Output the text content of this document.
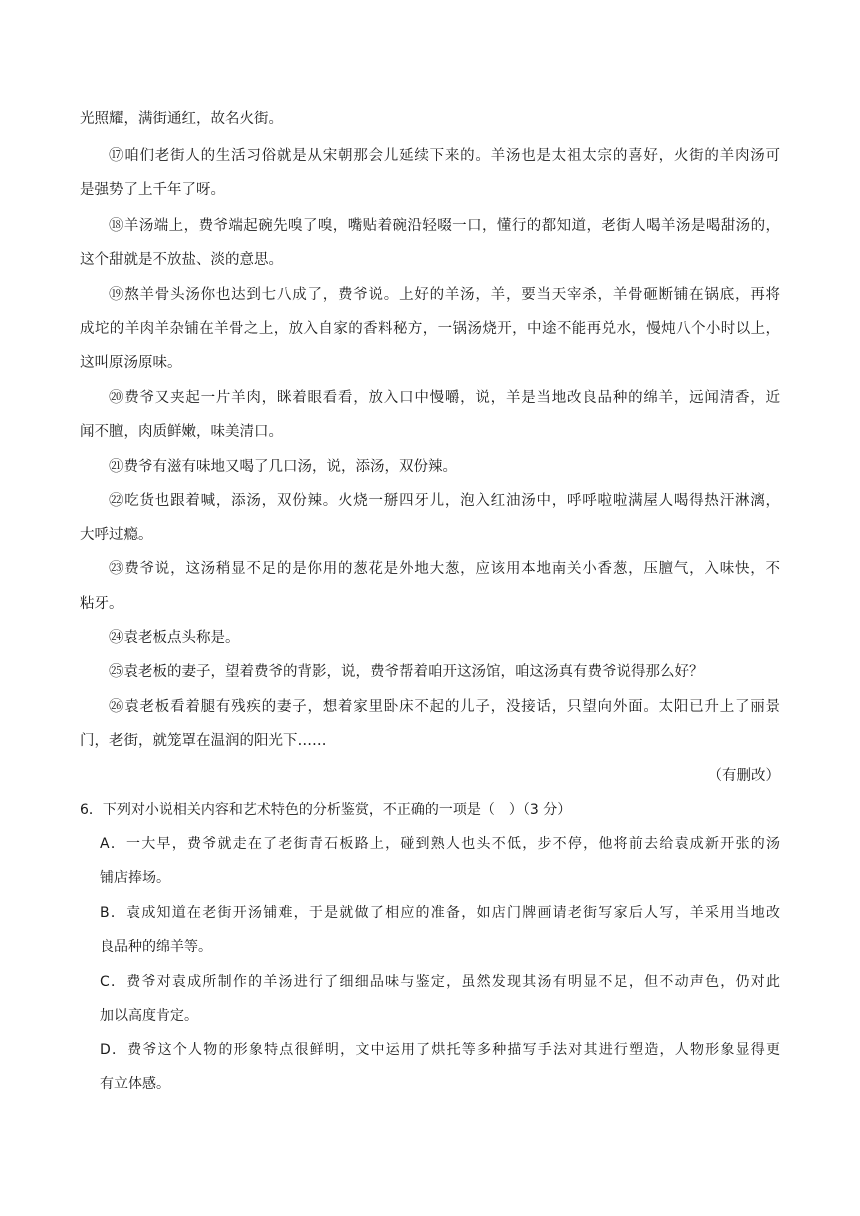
光照耀，满街通红，故名火街。
⑰咱们老街人的生活习俗就是从宋朝那会儿延续下来的。羊汤也是太祖太宗的喜好，火街的羊肉汤可
是强势了上千年了呀。
⑱羊汤端上，费爷端起碗先嗅了嗅，嘴贴着碗沿轻啜一口，懂行的都知道，老街人喝羊汤是喝甜汤的，
这个甜就是不放盐、淡的意思。
⑲熬羊骨头汤你也达到七八成了，费爷说。上好的羊汤，羊，要当天宰杀，羊骨砸断铺在锅底，再将
成坨的羊肉羊杂铺在羊骨之上，放入自家的香料秘方，一锅汤烧开，中途不能再兑水，慢炖八个小时以上，
这叫原汤原味。
⑳费爷又夹起一片羊肉，眯着眼看看，放入口中慢嚼，说，羊是当地改良品种的绵羊，远闻清香，近
闻不膻，肉质鲜嫩，味美清口。
㉑费爷有滋有味地又喝了几口汤，说，添汤，双份辣。
㉒吃货也跟着喊，添汤，双份辣。火烧一掰四牙儿，泡入红油汤中，呼呼啦啦满屋人喝得热汗淋漓，
大呼过瘾。
㉓费爷说，这汤稍显不足的是你用的葱花是外地大葱，应该用本地南关小香葱，压膻气，入味快，不
粘牙。
㉔袁老板点头称是。
㉕袁老板的妻子，望着费爷的背影，说，费爷帮着咱开这汤馆，咱这汤真有费爷说得那么好？
㉖袁老板看着腿有残疾的妻子，想着家里卧床不起的儿子，没接话，只望向外面。太阳已升上了丽景
门，老街，就笼罩在温润的阳光下……
（有删改）
6．下列对小说相关内容和艺术特色的分析鉴赏，不正确的一项是（　）（3 分）
A．一大早，费爷就走在了老街青石板路上，碰到熟人也头不低，步不停，他将前去给袁成新开张的汤
铺店捧场。
B．袁成知道在老街开汤铺难，于是就做了相应的准备，如店门牌画请老街写家后人写，羊采用当地改
良品种的绵羊等。
C．费爷对袁成所制作的羊汤进行了细细品味与鉴定，虽然发现其汤有明显不足，但不动声色，仍对此
加以高度肯定。
D．费爷这个人物的形象特点很鲜明，文中运用了烘托等多种描写手法对其进行塑造，人物形象显得更
有立体感。
